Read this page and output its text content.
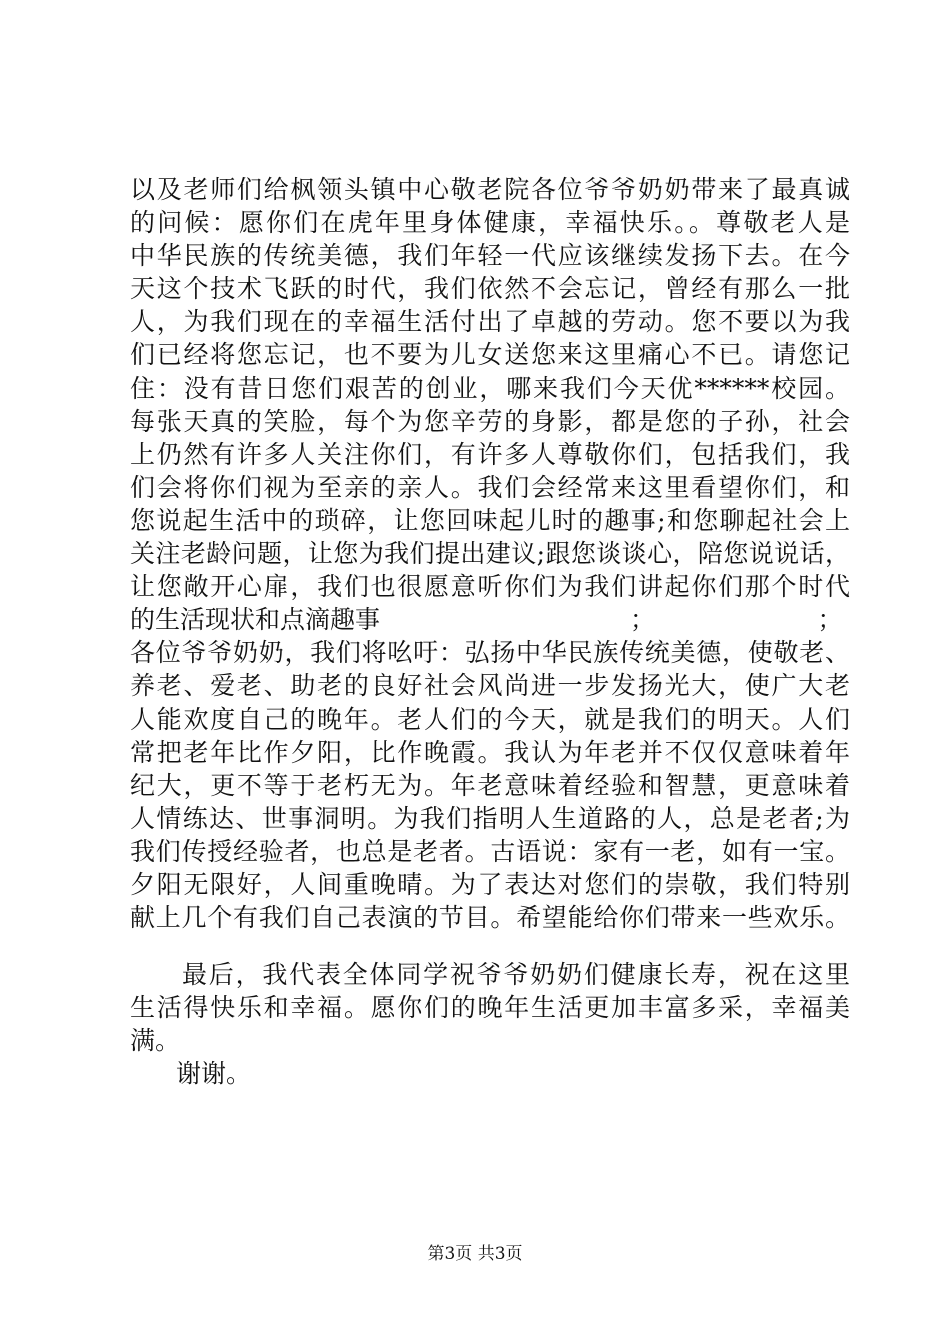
以及老师们给枫领头镇中心敬老院各位爷爷奶奶带来了最真诚
的问候：愿你们在虎年里身体健康，幸福快乐。。尊敬老人是
中华民族的传统美德，我们年轻一代应该继续发扬下去。在今
天这个技术飞跃的时代，我们依然不会忘记，曾经有那么一批
人，为我们现在的幸福生活付出了卓越的劳动。您不要以为我
们已经将您忘记，也不要为儿女送您来这里痛心不已。请您记
住：没有昔日您们艰苦的创业，哪来我们今天优******校园。
每张天真的笑脸，每个为您辛劳的身影，都是您的子孙，社会
上仍然有许多人关注你们，有许多人尊敬你们，包括我们，我
们会将你们视为至亲的亲人。我们会经常来这里看望你们，和
您说起生活中的琐碎，让您回味起儿时的趣事;和您聊起社会上
关注老龄问题，让您为我们提出建议;跟您谈谈心，陪您说说话，
让您敞开心扉，我们也很愿意听你们为我们讲起你们那个时代
的生活现状和点滴趣事　　　　　　　　　　；　　　　　　　；
各位爷爷奶奶，我们将吆吁：弘扬中华民族传统美德，使敬老、
养老、爱老、助老的良好社会风尚进一步发扬光大，使广大老
人能欢度自己的晚年。老人们的今天，就是我们的明天。人们
常把老年比作夕阳，比作晚霞。我认为年老并不仅仅意味着年
纪大，更不等于老朽无为。年老意味着经验和智慧，更意味着
人情练达、世事洞明。为我们指明人生道路的人，总是老者;为
我们传授经验者，也总是老者。古语说：家有一老，如有一宝。
夕阳无限好，人间重晚晴。为了表达对您们的崇敬，我们特别
献上几个有我们自己表演的节目。希望能给你们带来一些欢乐。
最后，我代表全体同学祝爷爷奶奶们健康长寿，祝在这里
生活得快乐和幸福。愿你们的晚年生活更加丰富多采，幸福美
满。
谢谢。
第3页 共3页
